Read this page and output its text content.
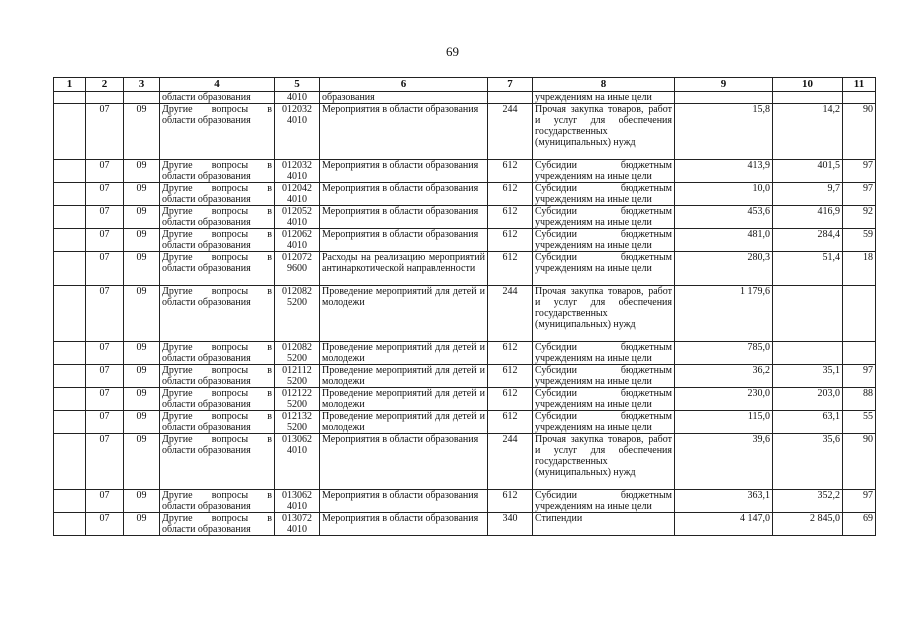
69
1	2	3	4	5	6	7	8	9	10	11
			области образования	4010	образования		учреждениям на иные цели			
	07	09	Другие вопросы в области образования	012032
4010	Мероприятия в области образования	244	Прочая закупка товаров, работ и услуг для обеспечения государственных (муниципальных) нужд	15,8	14,2	90
	07	09	Другие вопросы в области образования	012032
4010	Мероприятия в области образования	612	Субсидии бюджетным учреждениям на иные цели	413,9	401,5	97
	07	09	Другие вопросы в области образования	012042
4010	Мероприятия в области образования	612	Субсидии бюджетным учреждениям на иные цели	10,0	9,7	97
	07	09	Другие вопросы в области образования	012052
4010	Мероприятия в области образования	612	Субсидии бюджетным учреждениям на иные цели	453,6	416,9	92
	07	09	Другие вопросы в области образования	012062
4010	Мероприятия в области образования	612	Субсидии бюджетным учреждениям на иные цели	481,0	284,4	59
	07	09	Другие вопросы в области образования	012072
9600	Расходы на реализацию мероприятий антинаркотической направленности	612	Субсидии бюджетным учреждениям на иные цели	280,3	51,4	18
	07	09	Другие вопросы в области образования	012082
5200	Проведение мероприятий для детей и молодежи	244	Прочая закупка товаров, работ и услуг для обеспечения государственных (муниципальных) нужд	1 179,6		
	07	09	Другие вопросы в области образования	012082
5200	Проведение мероприятий для детей и молодежи	612	Субсидии бюджетным учреждениям на иные цели	785,0		
	07	09	Другие вопросы в области образования	012112
5200	Проведение мероприятий для детей и молодежи	612	Субсидии бюджетным учреждениям на иные цели	36,2	35,1	97
	07	09	Другие вопросы в области образования	012122
5200	Проведение мероприятий для детей и молодежи	612	Субсидии бюджетным учреждениям на иные цели	230,0	203,0	88
	07	09	Другие вопросы в области образования	012132
5200	Проведение мероприятий для детей и молодежи	612	Субсидии бюджетным учреждениям на иные цели	115,0	63,1	55
	07	09	Другие вопросы в области образования	013062
4010	Мероприятия в области образования	244	Прочая закупка товаров, работ и услуг для обеспечения государственных (муниципальных) нужд	39,6	35,6	90
	07	09	Другие вопросы в области образования	013062
4010	Мероприятия в области образования	612	Субсидии бюджетным учреждениям на иные цели	363,1	352,2	97
	07	09	Другие вопросы в области образования	013072
4010	Мероприятия в области образования	340	Стипендии	4 147,0	2 845,0	69
